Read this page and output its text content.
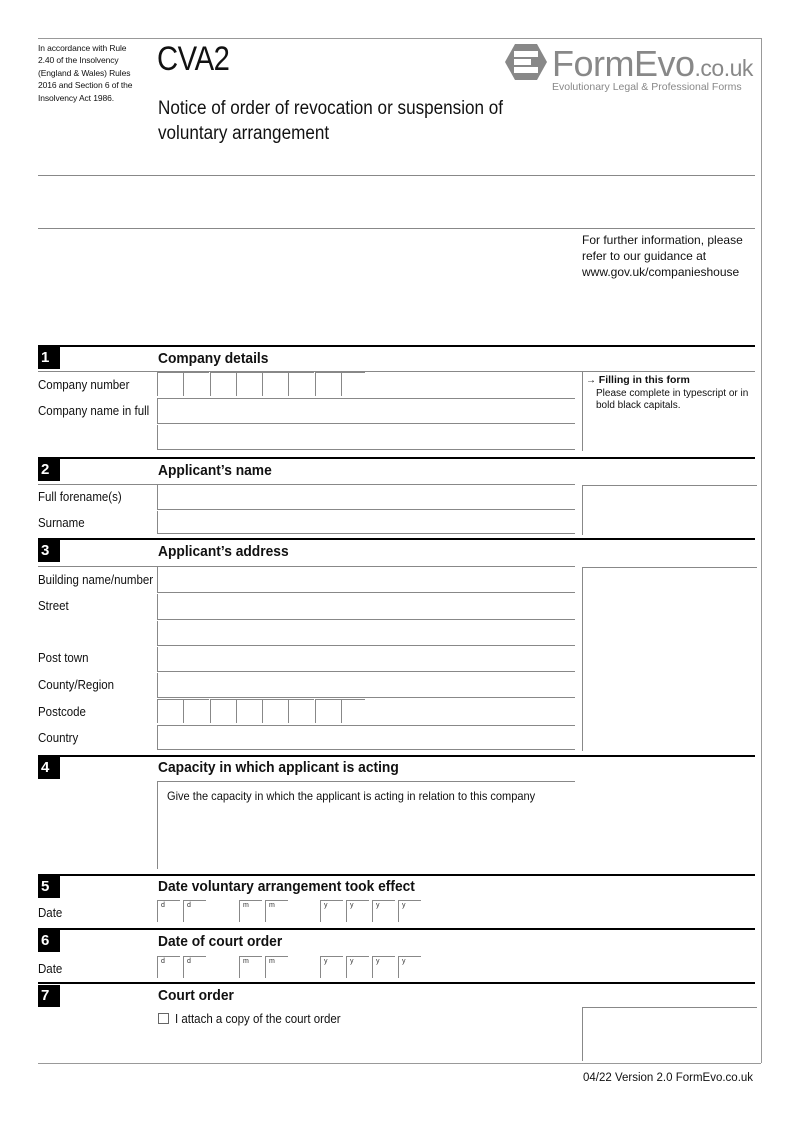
In accordance with Rule 2.40 of the Insolvency (England & Wales) Rules 2016 and Section 6 of the Insolvency Act 1986.
CVA2
Notice of order of revocation or suspension of voluntary arrangement
FormEvo.co.uk
Evolutionary Legal & Professional Forms
For further information, please refer to our guidance at www.gov.uk/companieshouse
1	Company details
Company number
Company name in full
→ Filling in this form

Please complete in typescript or in bold black capitals.
2	Applicant’s name
Full forename(s)
Surname
3	Applicant’s address
Building name/number
Street
Post town
County/Region
Postcode
Country
4	Capacity in which applicant is acting
Give the capacity in which the applicant is acting in relation to this company
5	Date voluntary arrangement took effect
Date
d	d	m	m	y	y	y	y
6	Date of court order
Date
d	d	m	m	y	y	y	y
7	Court order
I attach a copy of the court order
04/22 Version 2.0 FormEvo.co.uk
